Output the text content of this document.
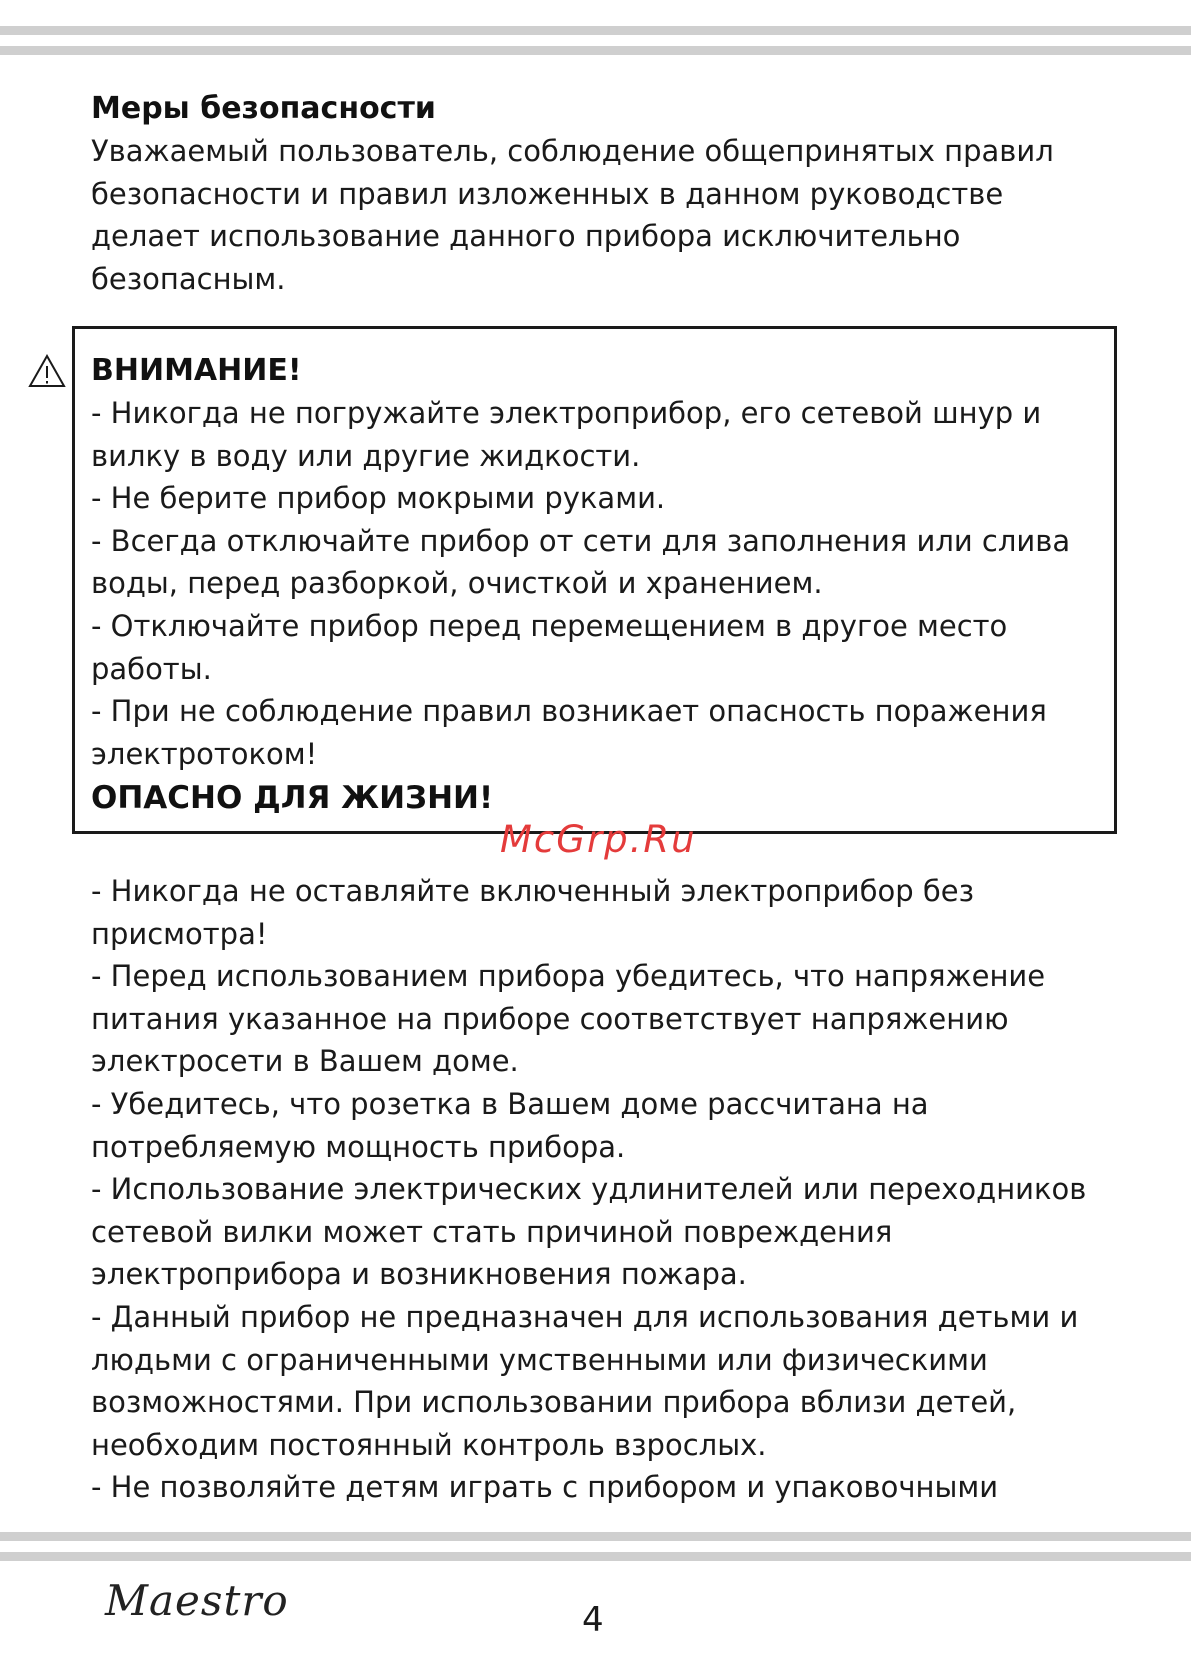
Меры безопасности

Уважаемый пользователь, соблюдение общепринятых правил безопасности и правил изложенных в данном руководстве делает использование данного прибора исключительно безопасным.

ВНИМАНИЕ!

- Никогда не погружайте электроприбор, его сетевой шнур и вилку в воду или другие жидкости.

- Не берите прибор мокрыми руками.

- Всегда отключайте прибор от сети для заполнения или слива воды, перед разборкой, очисткой и хранением.

- Отключайте прибор перед перемещением в другое место работы.

- При не соблюдение правил возникает опасность поражения электротоком!

ОПАСНО ДЛЯ ЖИЗНИ!

McGrp.Ru

- Никогда не оставляйте включенный электроприбор без присмотра!

- Перед использованием прибора убедитесь, что напряжение питания указанное на приборе соответствует напряжению электросети в Вашем доме.

- Убедитесь, что розетка в Вашем доме рассчитана на потребляемую мощность прибора.

- Использование электрических удлинителей или переходников сетевой вилки может стать причиной повреждения электроприбора и возникновения пожара.

- Данный прибор не предназначен для использования детьми и людьми с ограниченными умственными или физическими возможностями. При использовании прибора вблизи детей, необходим постоянный контроль взрослых.

- Не позволяйте детям играть с прибором и упаковочными

Maestro	4
